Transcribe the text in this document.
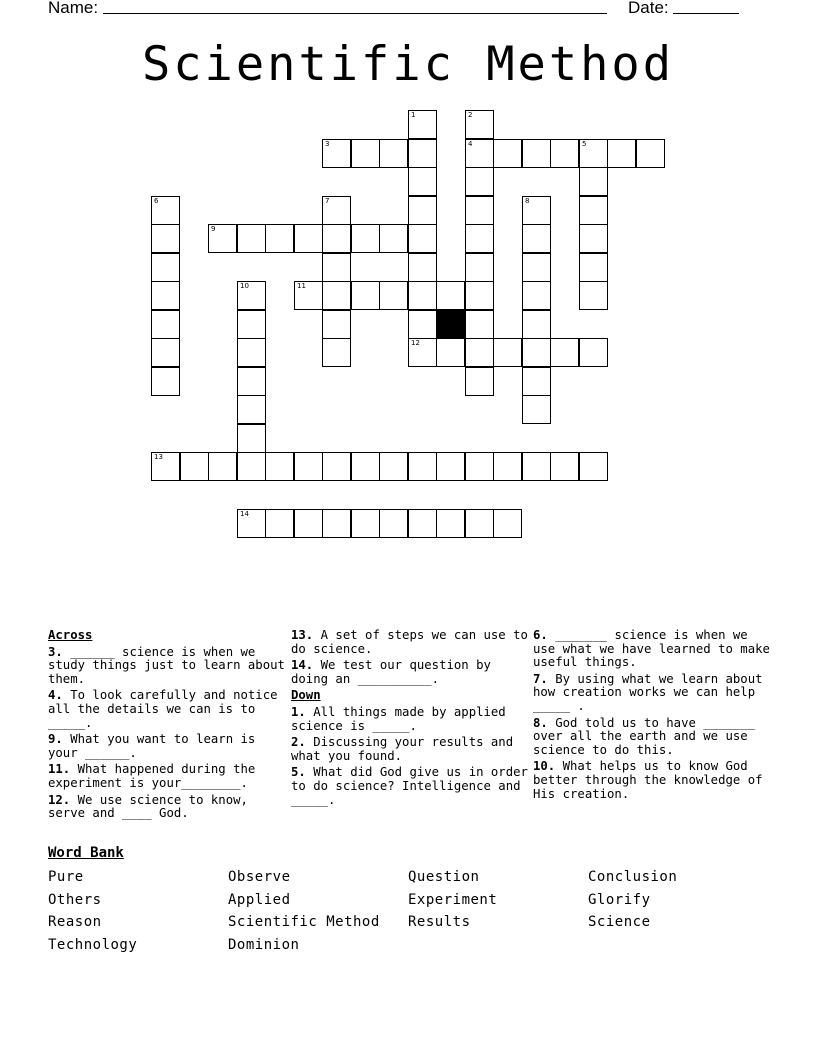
Name:	Date:
Scientific Method
1	2
4
3	5
6	7	8
9
10	11
12
13
14
Across
3. ______ science is when we study things just to learn about them.
4. To look carefully and notice all the details we can is to _____.
9. What you want to learn is your ______.
11. What happened during the experiment is your________.
12. We use science to know, serve and ____ God.
13. A set of steps we can use to do science.
14. We test our question by doing an __________.
Down
1. All things made by applied science is _____.
2. Discussing your results and what you found.
5. What did God give us in order to do science? Intelligence and _____.
6. _______ science is when we use what we have learned to make useful things.
7. By using what we learn about how creation works we can help _____ .
8. God told us to have _______ over all the earth and we use science to do this.
10. What helps us to know God better through the knowledge of His creation.
Word Bank
Pure	Observe	Question	Conclusion
Others	Applied	Experiment	Glorify
Reason	Scientific Method	Results	Science
Technology	Dominion
